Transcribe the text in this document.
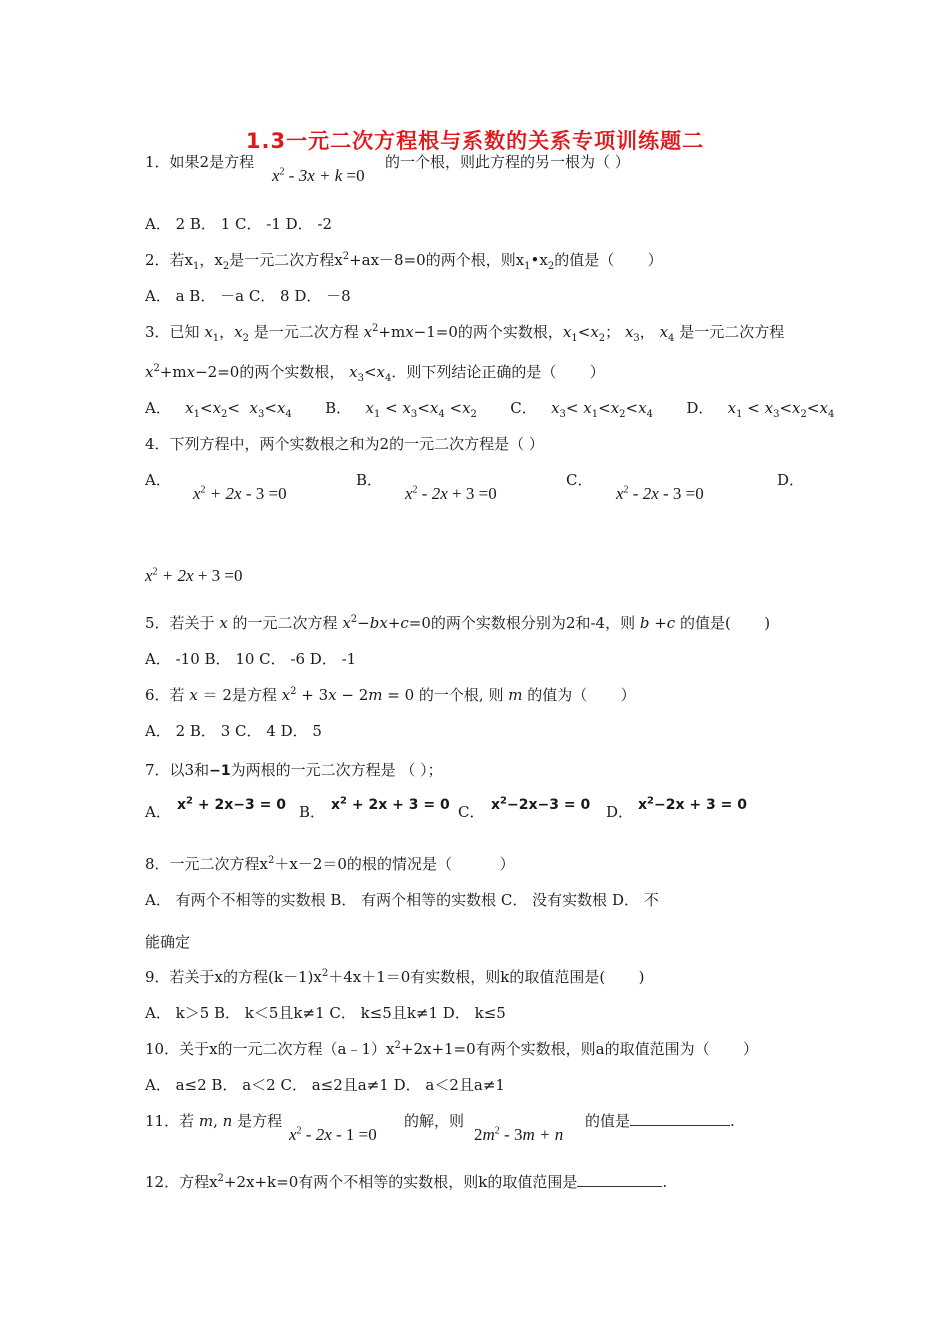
1.3一元二次方程根与系数的关系专项训练题二
1．如果2是方程
$x^2 - 3x + k =0$
的一个根，则此方程的另一根为（ ）
A． 2 B． 1 C． -1 D． -2
2．若$x_1$，$x_2$是一元二次方程$x^2+ax-8=0$的两个根，则$x_1•x_2$的值是（       ）
A． a B． －a C． 8 D． －8
3．已知 $x_1$，$x_2$ 是一元二次方程 $x^2+mx-1=0$的两个实数根，$x_1<x_2$； $x_3$， $x_4$ 是一元二次方程
$x^2+mx-2=0$的两个实数根， $x_3<x_4$．则下列结论正确的是（       ）
A．   $x_1<x_2< x_3<x_4$       B．   $x_1 < x_3<x_4 <x_2$       C．   $x_3< x_1<x_2<x_4$       D．   $x_1 < x_3<x_2<x_4$
4．下列方程中，两个实数根之和为2的一元二次方程是（ ）
A．
$x^2 + 2x - 3 =0$
B．
$x^2 - 2x + 3 =0$
C．
$x^2 - 2x - 3 =0$
D．
$x^2 + 2x + 3 =0$
5．若关于 x 的一元二次方程 $x^2-bx+c=0$的两个实数根分别为2和-4，则 b +c 的值是(       )
A． -10 B． 10 C． -6 D． -1
6．若 x ＝ 2是方程 $x^2 + 3x - 2m = 0$ 的一个根, 则 m 的值为（       ）
A． 2 B． 3 C． 4 D． 5
7．以3和−1为两根的一元二次方程是 （ ）；
A． $x^2 + 2x-3 = 0$ B． $x^2 + 2x + 3 = 0$ C． $x^2-2x-3 = 0$ D． $x^2-2x + 3 = 0$
8．一元二次方程$x^2+x-2=0$的根的情况是（          ）
A． 有两个不相等的实数根 B． 有两个相等的实数根 C． 没有实数根 D． 不
能确定
9．若关于x的方程$(k-1)x^2+4x+1=0$有实数根，则k的取值范围是(       )
A． k＞5 B． k＜5且k≠1 C． k≤5且k≠1 D． k≤5
10．关于x的一元二次方程$(a﹣1)x^2+2x+1=0$有两个实数根，则a的取值范围为（       ）
A． a≤2 B． a＜2 C． a≤2且a≠1 D． a＜2且a≠1
11．若 m, n 是方程
$x^2 - 2x - 1 =0$
的解，则
$2m^2 - 3m + n$
的值是	.
12．方程$x^2+2x+k=0$有两个不相等的实数根，则k的取值范围是	.
